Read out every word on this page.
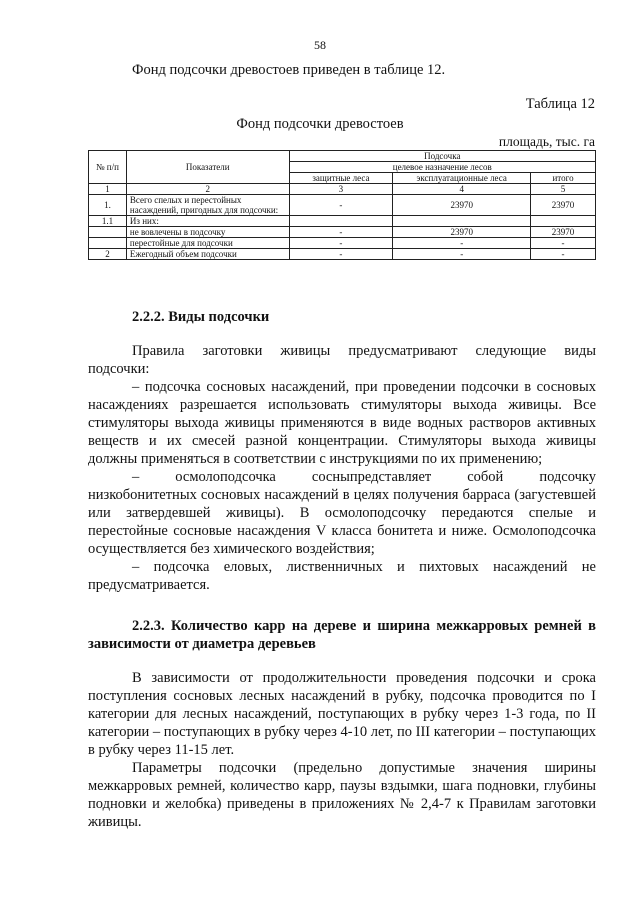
58
Фонд подсочки древостоев приведен в таблице 12.
Таблица 12
Фонд подсочки древостоев
площадь, тыс. га
№ п/п	Показатели	Подсочка		
		целевое назначение лесов		
		защитные леса	эксплуатационные леса	итого
1	2	3	4	5
1.	Всего спелых и перестойных насаждений, пригодных для подсочки:	-	23970	23970
1.1	Из них:			
	не вовлечены в подсочку	-	23970	23970
	перестойные для подсочки	-	-	-
2	Ежегодный объем подсочки	-	-	-
2.2.2. Виды подсочки

Правила заготовки живицы предусматривают следующие виды

подсочки:

– подсочка сосновых насаждений, при проведении подсочки в сосновых насаждениях разрешается использовать стимуляторы выхода живицы. Все стимуляторы выхода живицы применяются в виде водных растворов активных веществ и их смесей разной концентрации. Стимуляторы выхода живицы должны применяться в соответствии с инструкциями по их применению;

– осмолоподсочка сосныпредставляет собой подсочку

низкобонитетных сосновых насаждений в целях получения барраса (загустевшей или затвердевшей живицы). В осмолоподсочку передаются спелые и перестойные сосновые насаждения V класса бонитета и ниже. Осмолоподсочка осуществляется без химического воздействия;

– подсочка еловых, лиственничных и пихтовых насаждений не предусматривается.

2.2.3. Количество карр на дереве и ширина межкарровых ремней в зависимости от диаметра деревьев

В зависимости от продолжительности проведения подсочки и срока поступления сосновых лесных насаждений в рубку, подсочка проводится по I категории для лесных насаждений, поступающих в рубку через 1-3 года, по II категории – поступающих в рубку через 4-10 лет, по III категории – поступающих в рубку через 11-15 лет.

Параметры подсочки (предельно допустимые значения ширины межкарровых ремней, количество карр, паузы вздымки, шага подновки, глубины подновки и желобка) приведены в приложениях № 2,4-7 к Правилам заготовки живицы.
